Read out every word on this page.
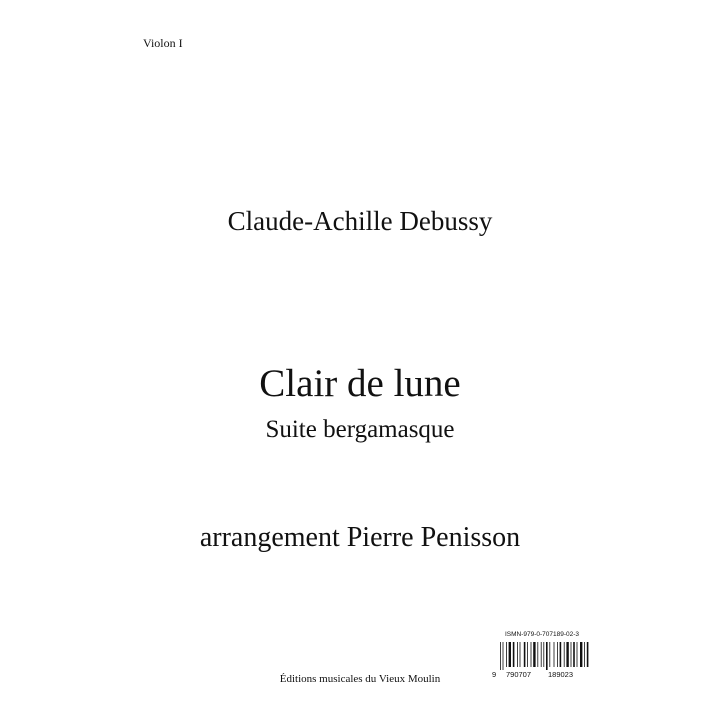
Violon I
Claude-Achille Debussy
Clair de lune
Suite bergamasque
arrangement Pierre Penisson
Éditions musicales du Vieux Moulin
ISMN-979-0-707189-02-3
9 790707 189023
